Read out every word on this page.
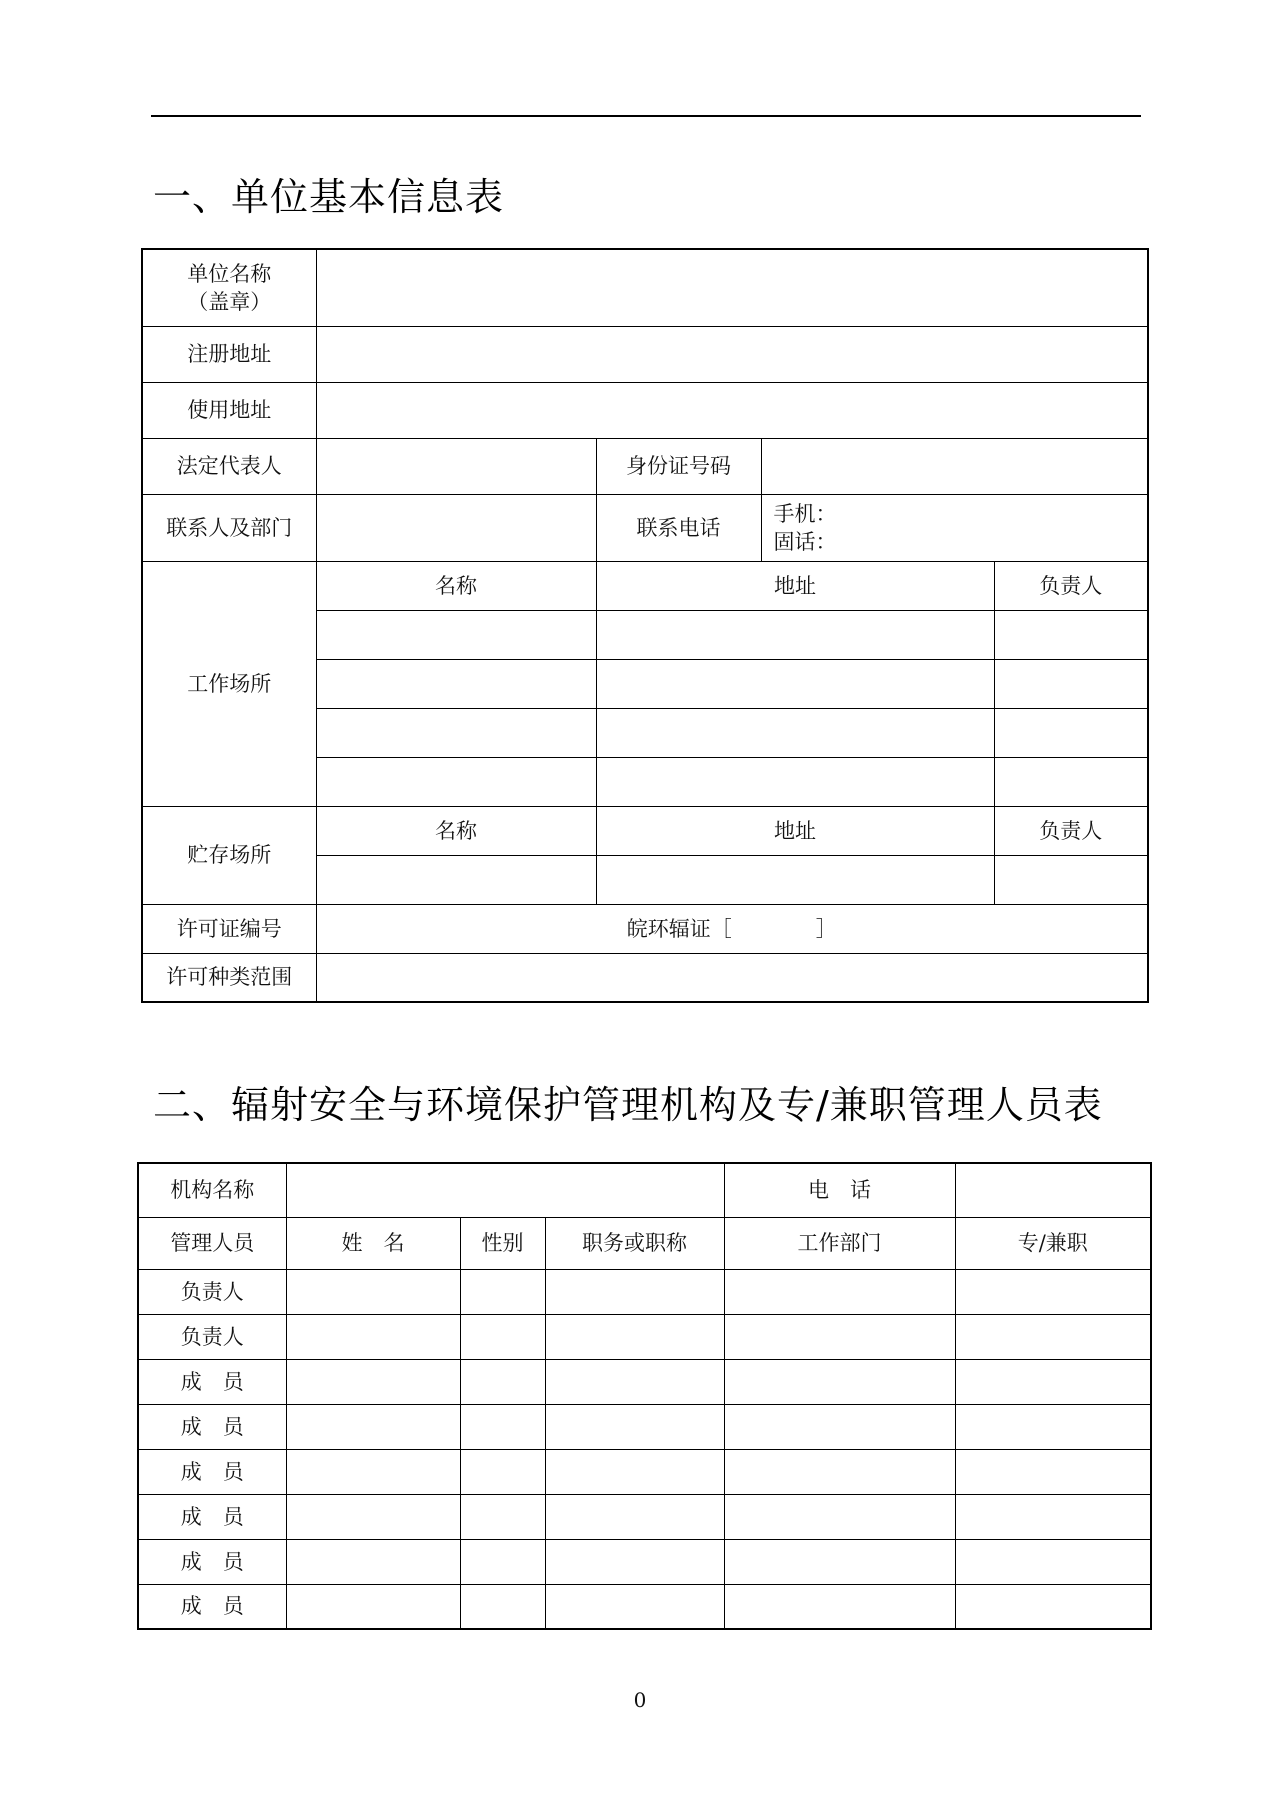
一、单位基本信息表
单位名称
（盖章）				

注册地址				
使用地址				
法定代表人		身份证号码		
联系人及部门		联系电话	手机：
固话：	

工作场所	名称	地址		负责人

贮存场所	名称	地址		负责人

许可证编号	皖环辐证［　　　　］			
许可种类范围				
二、辐射安全与环境保护管理机构及专/兼职管理人员表
机构名称				电　话	
管理人员	姓　名	性别	职务或职称	工作部门	专/兼职
负责人					
负责人					
成　员					
成　员					
成　员					
成　员					
成　员					
成　员					
0
